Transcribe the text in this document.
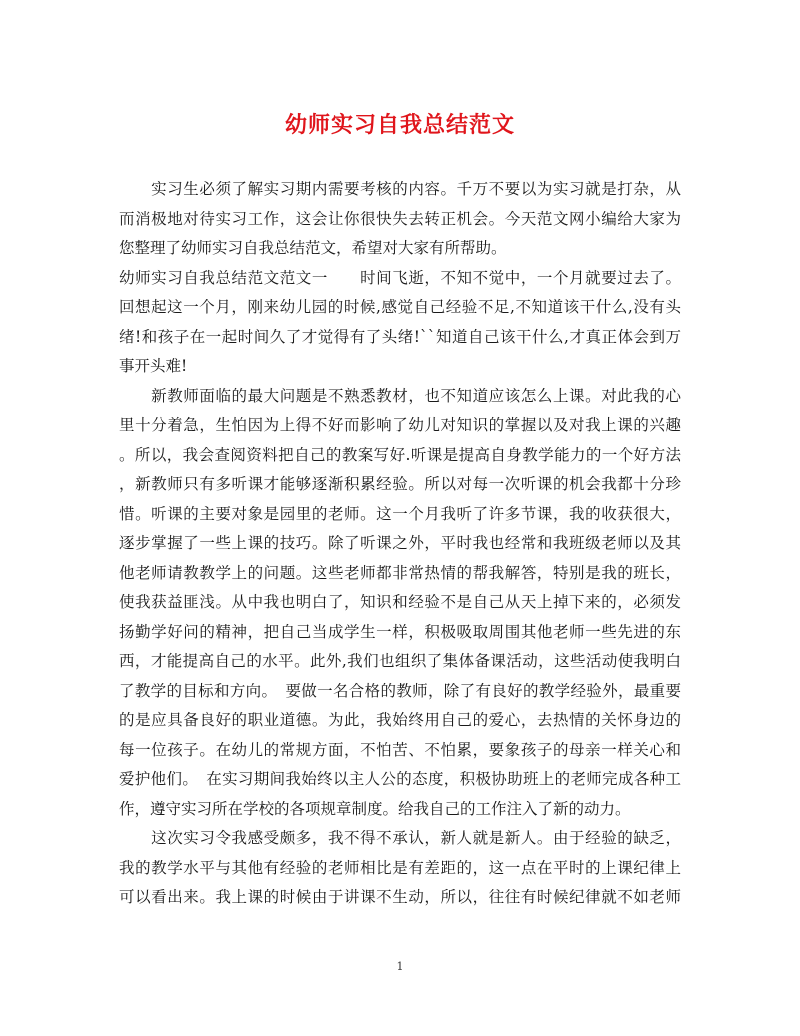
幼师实习自我总结范文
　　实习生必须了解实习期内需要考核的内容。千万不要以为实习就是打杂，从
而消极地对待实习工作，这会让你很快失去转正机会。今天范文网小编给大家为
您整理了幼师实习自我总结范文，希望对大家有所帮助。
幼师实习自我总结范文范文一　　时间飞逝，不知不觉中，一个月就要过去了。
回想起这一个月，刚来幼儿园的时候,感觉自己经验不足,不知道该干什么,没有头
绪!和孩子在一起时间久了才觉得有了头绪!``知道自己该干什么,才真正体会到万
事开头难!
　　新教师面临的最大问题是不熟悉教材，也不知道应该怎么上课。对此我的心
里十分着急，生怕因为上得不好而影响了幼儿对知识的掌握以及对我上课的兴趣
。所以，我会查阅资料把自己的教案写好.听课是提高自身教学能力的一个好方法
，新教师只有多听课才能够逐渐积累经验。所以对每一次听课的机会我都十分珍
惜。听课的主要对象是园里的老师。这一个月我听了许多节课，我的收获很大，
逐步掌握了一些上课的技巧。除了听课之外，平时我也经常和我班级老师以及其
他老师请教教学上的问题。这些老师都非常热情的帮我解答，特别是我的班长，
使我获益匪浅。从中我也明白了，知识和经验不是自己从天上掉下来的，必须发
扬勤学好问的精神，把自己当成学生一样，积极吸取周围其他老师一些先进的东
西，才能提高自己的水平。此外,我们也组织了集体备课活动，这些活动使我明白
了教学的目标和方向。　要做一名合格的教师，除了有良好的教学经验外，最重要
的是应具备良好的职业道德。为此，我始终用自己的爱心，去热情的关怀身边的
每一位孩子。在幼儿的常规方面，不怕苦、不怕累，要象孩子的母亲一样关心和
爱护他们。　在实习期间我始终以主人公的态度，积极协助班上的老师完成各种工
作，遵守实习所在学校的各项规章制度。给我自己的工作注入了新的动力。
　　这次实习令我感受颇多，我不得不承认，新人就是新人。由于经验的缺乏，
我的教学水平与其他有经验的老师相比是有差距的，这一点在平时的上课纪律上
可以看出来。我上课的时候由于讲课不生动，所以，往往有时候纪律就不如老师
1
